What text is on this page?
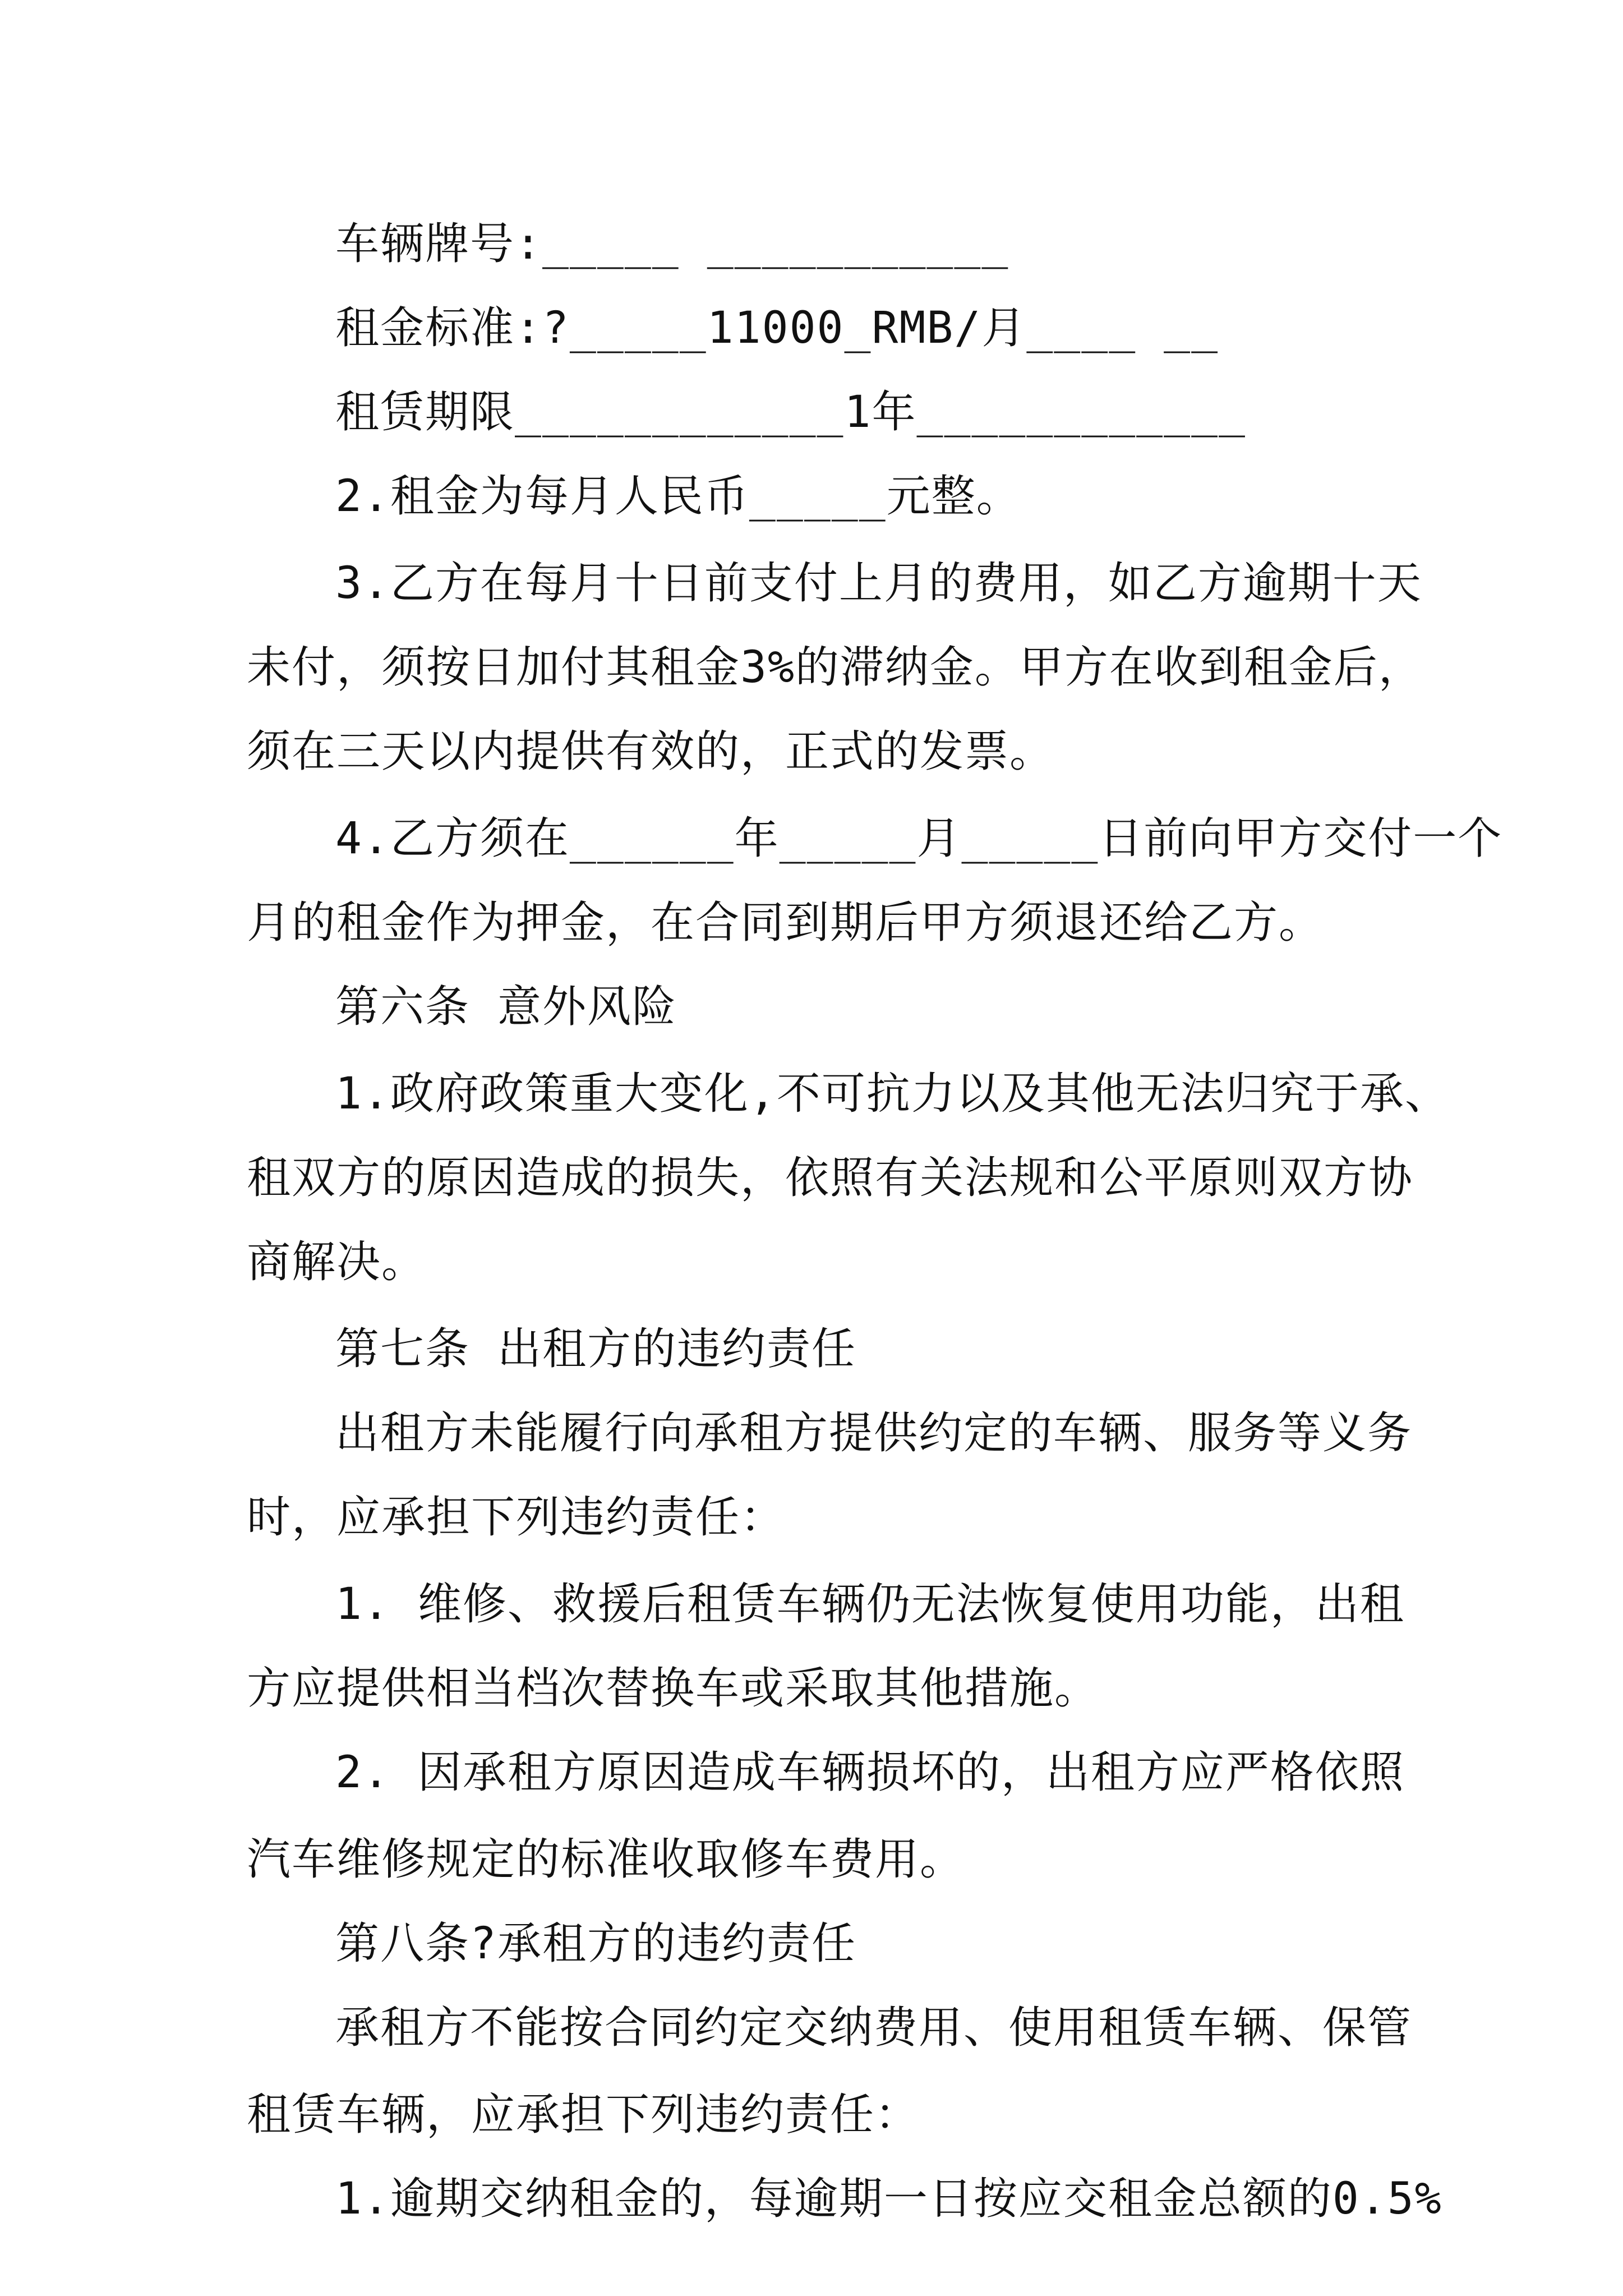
车辆牌号:_____ ___________
租金标准:?_____11000_RMB/月____ __
租赁期限____________1年____________
2.租金为每月人民币_____元整。
3.乙方在每月十日前支付上月的费用，如乙方逾期十天
未付，须按日加付其租金3%的滞纳金。甲方在收到租金后，
须在三天以内提供有效的，正式的发票。
4.乙方须在______年_____月_____日前向甲方交付一个
月的租金作为押金，在合同到期后甲方须退还给乙方。
第六条 意外风险
1.政府政策重大变化,不可抗力以及其他无法归究于承、
租双方的原因造成的损失，依照有关法规和公平原则双方协
商解决。
第七条 出租方的违约责任
出租方未能履行向承租方提供约定的车辆、服务等义务
时，应承担下列违约责任：
1. 维修、救援后租赁车辆仍无法恢复使用功能，出租
方应提供相当档次替换车或采取其他措施。
2. 因承租方原因造成车辆损坏的，出租方应严格依照
汽车维修规定的标准收取修车费用。
第八条?承租方的违约责任
承租方不能按合同约定交纳费用、使用租赁车辆、保管
租赁车辆，应承担下列违约责任：
1.逾期交纳租金的，每逾期一日按应交租金总额的0.5%
